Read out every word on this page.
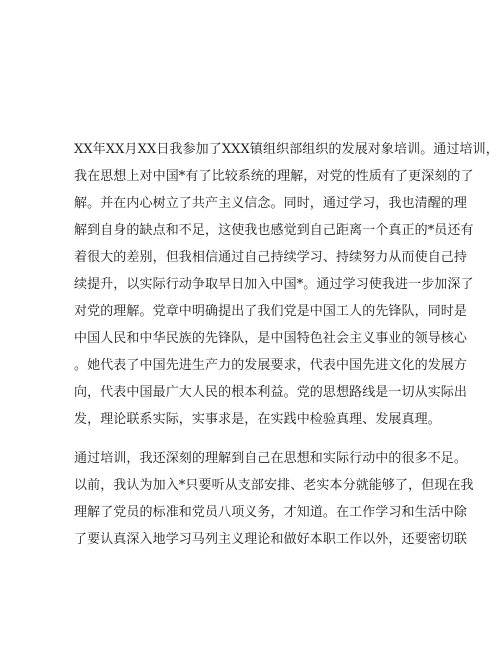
XX年XX月XX日我参加了XXX镇组织部组织的发展对象培训。通过培训，
我在思想上对中国*有了比较系统的理解，对党的性质有了更深刻的了
解。并在内心树立了共产主义信念。同时，通过学习，我也清醒的理
解到自身的缺点和不足，这使我也感觉到自己距离一个真正的*员还有
着很大的差别，但我相信通过自己持续学习、持续努力从而使自己持
续提升，以实际行动争取早日加入中国*。通过学习使我进一步加深了
对党的理解。党章中明确提出了我们党是中国工人的先锋队，同时是
中国人民和中华民族的先锋队，是中国特色社会主义事业的领导核心
。她代表了中国先进生产力的发展要求，代表中国先进文化的发展方
向，代表中国最广大人民的根本利益。党的思想路线是一切从实际出
发，理论联系实际，实事求是，在实践中检验真理、发展真理。
通过培训，我还深刻的理解到自己在思想和实际行动中的很多不足。
以前，我认为加入*只要听从支部安排、老实本分就能够了，但现在我
理解了党员的标准和党员八项义务，才知道。在工作学习和生活中除
了要认真深入地学习马列主义理论和做好本职工作以外，还要密切联
